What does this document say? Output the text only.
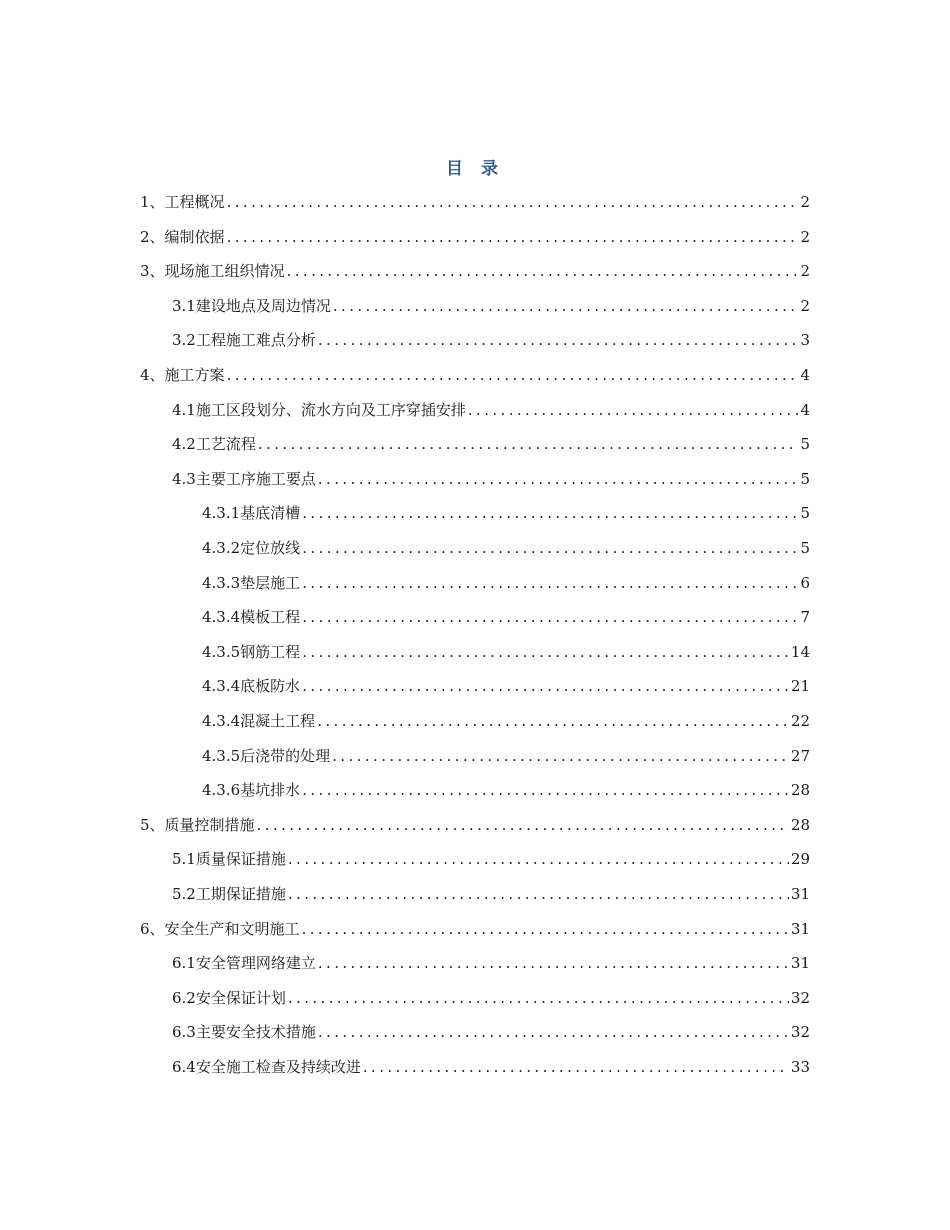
目 录
1、 工程概况 .....	2
2、 编制依据 .....	2
3、 现场施工组织情况 .....	2
3.1 建设地点及周边情况 .....	2
3.2 工程施工难点分析 .....	3
4、 施工方案 .....	4
4.1 施工区段划分、流水方向及工序穿插安排 .....	4
4.2 工艺流程 .....	5
4.3 主要工序施工要点 .....	5
4.3.1 基底清槽 .....	5
4.3.2 定位放线 .....	5
4.3.3 垫层施工 .....	6
4.3.4 模板工程 .....	7
4.3.5 钢筋工程 .....	14
4.3.4 底板防水 .....	21
4.3.4 混凝土工程 .....	22
4.3.5 后浇带的处理 .....	27
4.3.6 基坑排水 .....	28
5、 质量控制措施 .....	28
5.1 质量保证措施 .....	29
5.2 工期保证措施 .....	31
6、 安全生产和文明施工 .....	31
6.1 安全管理网络建立 .....	31
6.2 安全保证计划 .....	32
6.3 主要安全技术措施 .....	32
6.4 安全施工检查及持续改进 .....	33
